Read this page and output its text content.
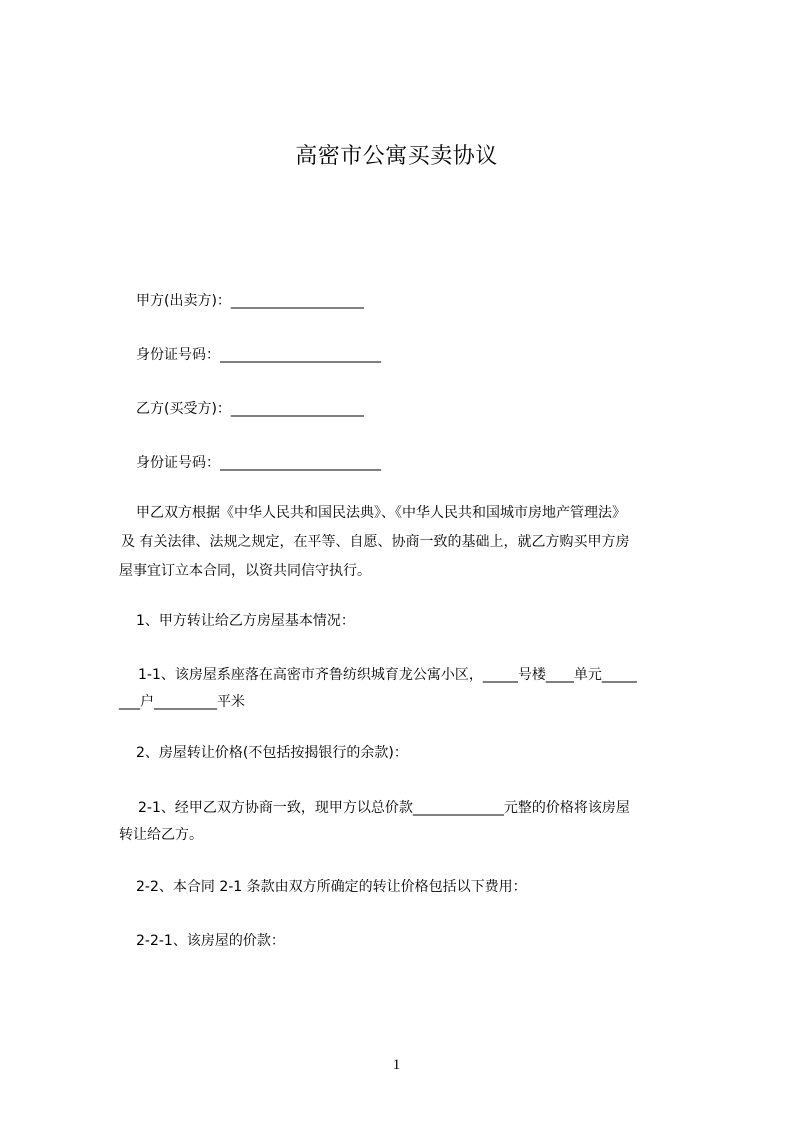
高密市公寓买卖协议
甲方(出卖方)：___________________
身份证号码：_______________________
乙方(买受方)：___________________
身份证号码：_______________________
甲乙双方根据《中华人民共和国民法典》、《中华人民共和国城市房地产管理法》
及 有关法律、法规之规定，在平等、自愿、协商一致的基础上，就乙方购买甲方房
屋事宜订立本合同，以资共同信守执行。
1、甲方转让给乙方房屋基本情况：
1-1、该房屋系座落在高密市齐鲁纺织城育龙公寓小区，_____号楼____单元_____
___户_________平米
2、房屋转让价格(不包括按揭银行的余款)：
2-1、经甲乙双方协商一致，现甲方以总价款_____________元整的价格将该房屋
转让给乙方。
2-2、本合同 2-1 条款由双方所确定的转让价格包括以下费用：
2-2-1、该房屋的价款：
1
